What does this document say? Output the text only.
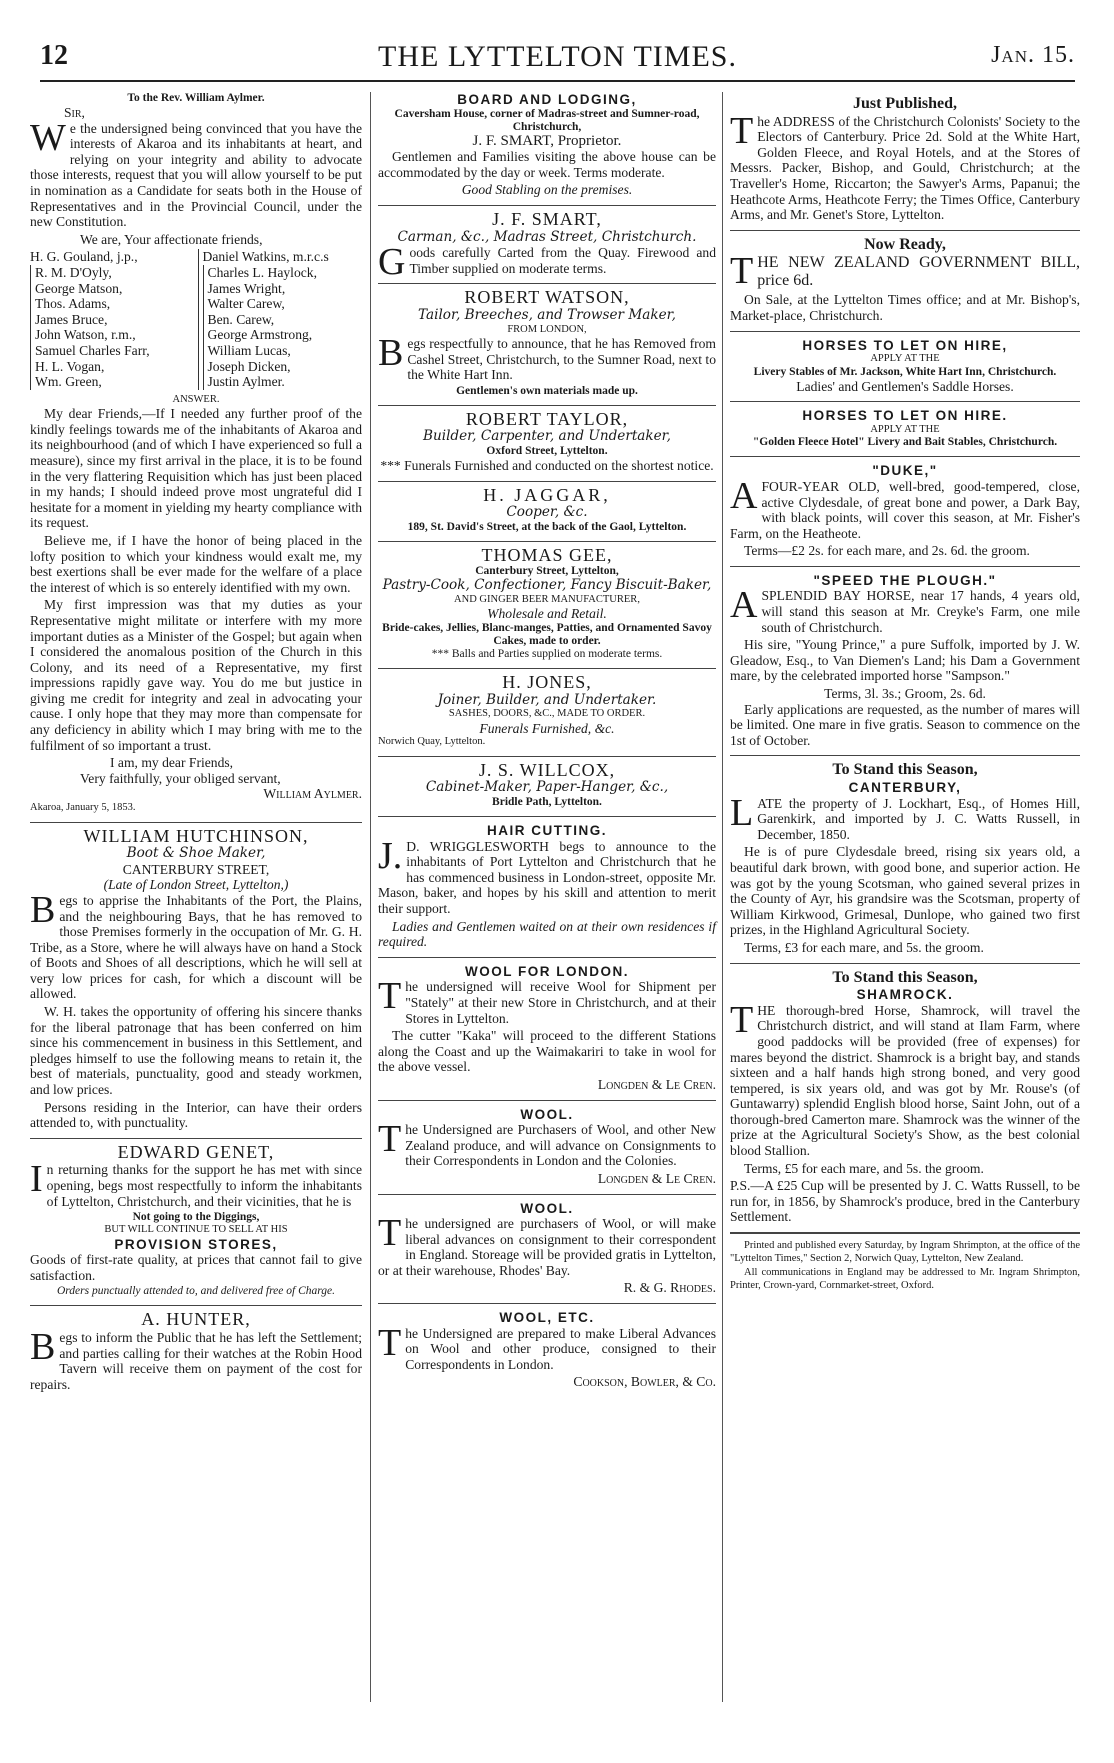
12	THE LYTTELTON TIMES.	Jan. 15.
To the Rev. William Aylmer.
Sir,

We the undersigned being convinced that you have the interests of Akaroa and its inhabitants at heart, and relying on your integrity and ability to advocate those interests, request that you will allow yourself to be put in nomination as a Candidate for seats both in the House of Representatives and in the Provincial Council, under the new Constitution.

We are, Your affectionate friends,
H. G. Gouland, j.p.,
R. M. D'Oyly,
George Matson,
Thos. Adams,
James Bruce,
John Watson, r.m.,
Samuel Charles Farr,
H. L. Vogan,
Wm. Green,
Daniel Watkins, m.r.c.s
Charles L. Haylock,
James Wright,
Walter Carew,
Ben. Carew,
George Armstrong,
William Lucas,
Joseph Dicken,
Justin Aylmer.
ANSWER.

My dear Friends,—If I needed any further proof of the kindly feelings towards me of the inhabitants of Akaroa and its neighbourhood (and of which I have experienced so full a measure), since my first arrival in the place, it is to be found in the very flattering Requisition which has just been placed in my hands; I should indeed prove most ungrateful did I hesitate for a moment in yielding my hearty compliance with its request.

Believe me, if I have the honor of being placed in the lofty position to which your kindness would exalt me, my best exertions shall be ever made for the welfare of a place the interest of which is so enterely identified with my own.

My first impression was that my duties as your Representative might militate or interfere with my more important duties as a Minister of the Gospel; but again when I considered the anomalous position of the Church in this Colony, and its need of a Representative, my first impressions rapidly gave way. You do me but justice in giving me credit for integrity and zeal in advocating your cause. I only hope that they may more than compensate for any deficiency in ability which I may bring with me to the fulfilment of so important a trust.

I am, my dear Friends,
Very faithfully, your obliged servant,
William Aylmer.
Akaroa, January 5, 1853.
WILLIAM HUTCHINSON,
Boot & Shoe Maker,
CANTERBURY STREET,
(Late of London Street, Lyttelton,)

Begs to apprise the Inhabitants of the Port, the Plains, and the neighbouring Bays, that he has removed to those Premises formerly in the occupation of Mr. G. H. Tribe, as a Store, where he will always have on hand a Stock of Boots and Shoes of all descriptions, which he will sell at very low prices for cash, for which a discount will be allowed.

W. H. takes the opportunity of offering his sincere thanks for the liberal patronage that has been conferred on him since his commencement in business in this Settlement, and pledges himself to use the following means to retain it, the best of materials, punctuality, good and steady workmen, and low prices.

Persons residing in the Interior, can have their orders attended to, with punctuality.

EDWARD GENET,

In returning thanks for the support he has met with since opening, begs most respectfully to inform the inhabitants of Lyttelton, Christchurch, and their vicinities, that he is

Not going to the Diggings,
BUT WILL CONTINUE TO SELL AT HIS
PROVISION STORES,

Goods of first-rate quality, at prices that cannot fail to give satisfaction.

Orders punctually attended to, and delivered free of Charge.
A. HUNTER,

Begs to inform the Public that he has left the Settlement; and parties calling for their watches at the Robin Hood Tavern will receive them on payment of the cost for repairs.

BOARD AND LODGING,
Caversham House, corner of Madras-street and Sumner-road, Christchurch,
J. F. SMART, Proprietor.

Gentlemen and Families visiting the above house can be accommodated by the day or week. Terms moderate.

Good Stabling on the premises.
J. F. SMART,
Carman, &c., Madras Street, Christchurch.

Goods carefully Carted from the Quay. Firewood and Timber supplied on moderate terms.

ROBERT WATSON,
Tailor, Breeches, and Trowser Maker,
FROM LONDON,

Begs respectfully to announce, that he has Removed from Cashel Street, Christchurch, to the Sumner Road, next to the White Hart Inn.

Gentlemen's own materials made up.
ROBERT TAYLOR,
Builder, Carpenter, and Undertaker,
Oxford Street, Lyttelton.
*** Funerals Furnished and conducted on the shortest notice.
H. JAGGAR,
Cooper, &c.
189, St. David's Street, at the back of the Gaol, Lyttelton.
THOMAS GEE,
Canterbury Street, Lyttelton,
Pastry-Cook, Confectioner, Fancy Biscuit-Baker,
AND GINGER BEER MANUFACTURER,
Wholesale and Retail.
Bride-cakes, Jellies, Blanc-manges, Patties, and Ornamented Savoy Cakes, made to order.
*** Balls and Parties supplied on moderate terms.
H. JONES,
Joiner, Builder, and Undertaker.
SASHES, DOORS, &C., MADE TO ORDER.
Funerals Furnished, &c.
Norwich Quay, Lyttelton.
J. S. WILLCOX,
Cabinet-Maker, Paper-Hanger, &c.,
Bridle Path, Lyttelton.
HAIR CUTTING.

J.D. WRIGGLESWORTH begs to announce to the inhabitants of Port Lyttelton and Christchurch that he has commenced business in London-street, opposite Mr. Mason, baker, and hopes by his skill and attention to merit their support.

Ladies and Gentlemen waited on at their own residences if required.

WOOL FOR LONDON.

The undersigned will receive Wool for Shipment per "Stately" at their new Store in Christchurch, and at their Stores in Lyttelton.

The cutter "Kaka" will proceed to the different Stations along the Coast and up the Waimakariri to take in wool for the above vessel.

Longden & Le Cren.
WOOL.

The Undersigned are Purchasers of Wool, and other New Zealand produce, and will advance on Consignments to their Correspondents in London and the Colonies.

Longden & Le Cren.
WOOL.

The undersigned are purchasers of Wool, or will make liberal advances on consignment to their correspondent in England. Storeage will be provided gratis in Lyttelton, or at their warehouse, Rhodes' Bay.

R. & G. Rhodes.
WOOL, ETC.

The Undersigned are prepared to make Liberal Advances on Wool and other produce, consigned to their Correspondents in London.

Cookson, Bowler, & Co.
Just Published,

The ADDRESS of the Christchurch Colonists' Society to the Electors of Canterbury. Price 2d. Sold at the White Hart, Golden Fleece, and Royal Hotels, and at the Stores of Messrs. Packer, Bishop, and Gould, Christchurch; at the Traveller's Home, Riccarton; the Sawyer's Arms, Papanui; the Heathcote Arms, Heathcote Ferry; the Times Office, Canterbury Arms, and Mr. Genet's Store, Lyttelton.

Now Ready,

THE NEW ZEALAND GOVERNMENT BILL, price 6d.

On Sale, at the Lyttelton Times office; and at Mr. Bishop's, Market-place, Christchurch.

HORSES TO LET ON HIRE,
APPLY AT THE
Livery Stables of Mr. Jackson, White Hart Inn, Christchurch.
Ladies' and Gentlemen's Saddle Horses.
HORSES TO LET ON HIRE.
APPLY AT THE
"Golden Fleece Hotel" Livery and Bait Stables, Christchurch.
"DUKE,"

AFOUR-YEAR OLD, well-bred, good-tempered, close, active Clydesdale, of great bone and power, a Dark Bay, with black points, will cover this season, at Mr. Fisher's Farm, on the Heatheote.

Terms—£2 2s. for each mare, and 2s. 6d. the groom.

"SPEED THE PLOUGH."

ASPLENDID BAY HORSE, near 17 hands, 4 years old, will stand this season at Mr. Creyke's Farm, one mile south of Christchurch.

His sire, "Young Prince," a pure Suffolk, imported by J. W. Gleadow, Esq., to Van Diemen's Land; his Dam a Government mare, by the celebrated imported horse "Sampson."

Terms, 3l. 3s.; Groom, 2s. 6d.

Early applications are requested, as the number of mares will be limited. One mare in five gratis. Season to commence on the 1st of October.

To Stand this Season,
CANTERBURY,

LATE the property of J. Lockhart, Esq., of Homes Hill, Garenkirk, and imported by J. C. Watts Russell, in December, 1850.

He is of pure Clydesdale breed, rising six years old, a beautiful dark brown, with good bone, and superior action. He was got by the young Scotsman, who gained several prizes in the County of Ayr, his grandsire was the Scotsman, property of William Kirkwood, Grimesal, Dunlope, who gained two first prizes, in the Highland Agricultural Society.

Terms, £3 for each mare, and 5s. the groom.

To Stand this Season,
SHAMROCK.

THE thorough-bred Horse, Shamrock, will travel the Christchurch district, and will stand at Ilam Farm, where good paddocks will be provided (free of expenses) for mares beyond the district. Shamrock is a bright bay, and stands sixteen and a half hands high strong boned, and very good tempered, is six years old, and was got by Mr. Rouse's (of Guntawarry) splendid English blood horse, Saint John, out of a thorough-bred Camerton mare. Shamrock was the winner of the prize at the Agricultural Society's Show, as the best colonial blood Stallion.

Terms, £5 for each mare, and 5s. the groom.

P.S.—A £25 Cup will be presented by J. C. Watts Russell, to be run for, in 1856, by Shamrock's produce, bred in the Canterbury Settlement.

Printed and published every Saturday, by Ingram Shrimpton, at the office of the "Lyttelton Times," Section 2, Norwich Quay, Lyttelton, New Zealand.

All communications in England may be addressed to Mr. Ingram Shrimpton, Printer, Crown-yard, Cornmarket-street, Oxford.
